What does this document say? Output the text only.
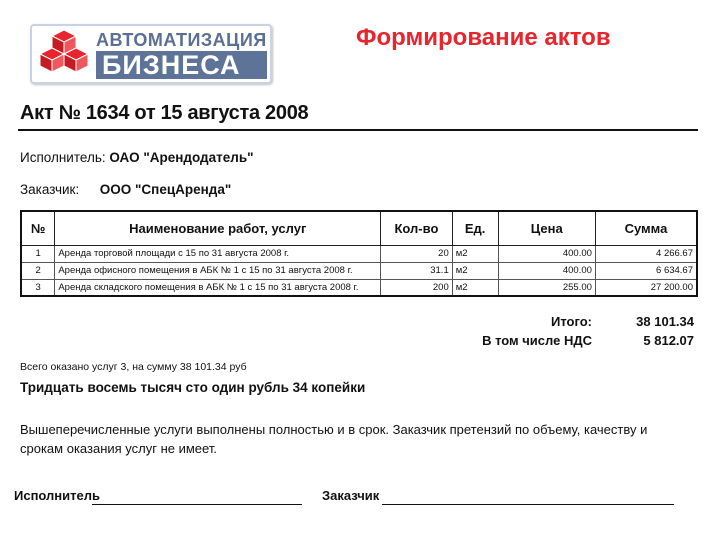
АВТОМАТИЗАЦИЯ
БИЗНЕСА
Формирование актов
Акт № 1634 от 15 августа 2008
Исполнитель: ОАО "Арендодатель"
Заказчик: ООО "СпецАренда"
№	Наименование работ, услуг	Кол-во	Ед.	Цена	Сумма
1	Аренда торговой площади с 15 по 31 августа 2008 г.	20	м2	400.00	4 266.67
2	Аренда офисного помещения в АБК № 1 с 15 по 31 августа 2008 г.	31.1	м2	400.00	6 634.67
3	Аренда складского помещения в АБК № 1 с 15 по 31 августа 2008 г.	200	м2	255.00	27 200.00
Итого:	38 101.34
В том числе НДС	5 812.07
Всего оказано услуг 3, на сумму 38 101.34 руб
Тридцать восемь тысяч сто один рубль 34 копейки
Вышеперечисленные услуги выполнены полностью и в срок. Заказчик претензий по объему, качеству и срокам оказания услуг не имеет.
Исполнитель	Заказчик
